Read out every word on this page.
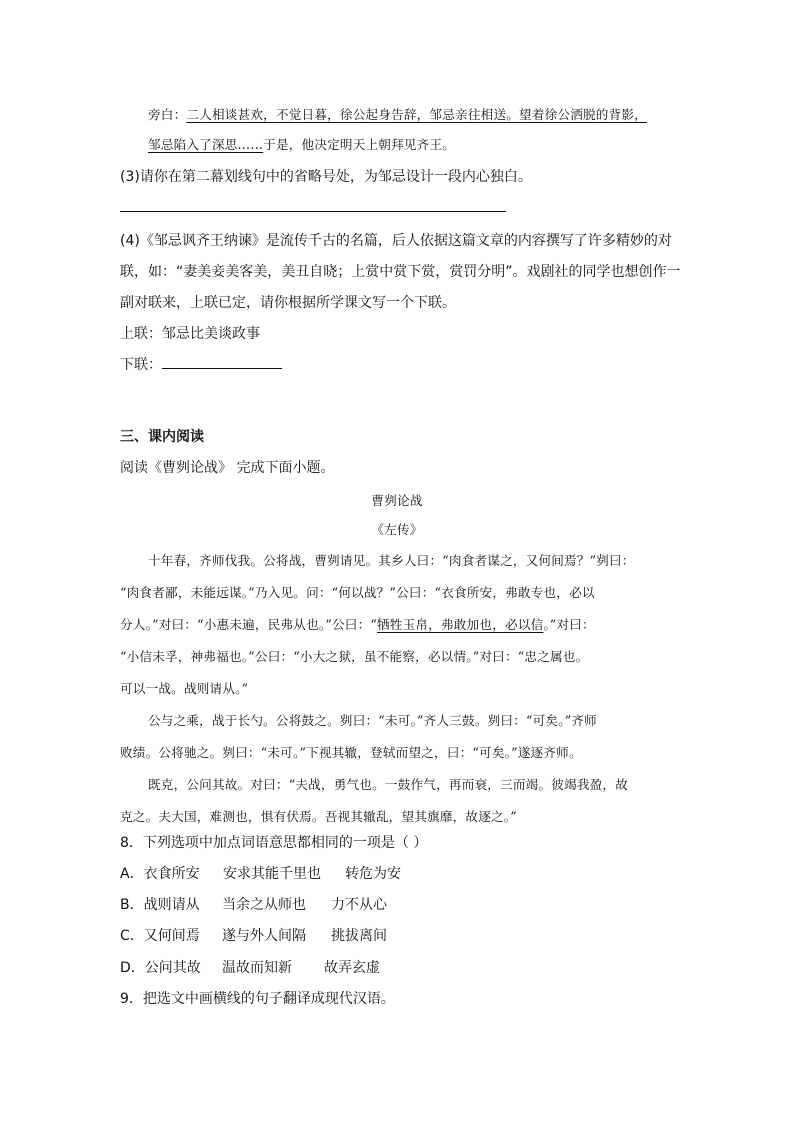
旁白：二人相谈甚欢，不觉日暮，徐公起身告辞，邹忌亲往相送。望着徐公洒脱的背影，
邹忌陷入了深思……于是，他决定明天上朝拜见齐王。
(3)请你在第二幕划线句中的省略号处，为邹忌设计一段内心独白。
(4)《邹忌讽齐王纳谏》是流传千古的名篇，后人依据这篇文章的内容撰写了许多精妙的对
联，如：“妻美妾美客美，美丑自晓；上赏中赏下赏，赏罚分明”。戏剧社的同学也想创作一
副对联来，上联已定，请你根据所学课文写一个下联。
上联：邹忌比美谈政事
下联：
三、课内阅读
阅读《曹刿论战》 完成下面小题。
曹刿论战
《左传》
十年春，齐师伐我。公将战，曹刿请见。其乡人曰：“肉食者谋之，又何间焉？”刿曰：
“肉食者鄙，未能远谋。”乃入见。问：“何以战？”公曰：“衣食所安，弗敢专也，必以
分人。”对曰：“小惠未遍，民弗从也。”公曰：“牺牲玉帛，弗敢加也，必以信。”对曰：
“小信未孚，神弗福也。”公曰：“小大之狱，虽不能察，必以情。”对曰：“忠之属也。
可以一战。战则请从。”
公与之乘，战于长勺。公将鼓之。刿曰：“未可。”齐人三鼓。刿曰：“可矣。”齐师
败绩。公将驰之。刿曰：“未可。”下视其辙，登轼而望之，曰：“可矣。”遂逐齐师。
既克，公问其故。对曰：“夫战，勇气也。一鼓作气，再而衰，三而竭。彼竭我盈，故
克之。夫大国，难测也，惧有伏焉。吾视其辙乱，望其旗靡，故逐之。”
8．下列选项中加点词语意思都相同的一项是（ ）
A．衣食所安 安求其能千里也 转危为安
B．战则请从 当余之从师也 力不从心
C．又何间焉 遂与外人间隔 挑拔离间
D．公问其故 温故而知新 故弄玄虚
9．把选文中画横线的句子翻译成现代汉语。
